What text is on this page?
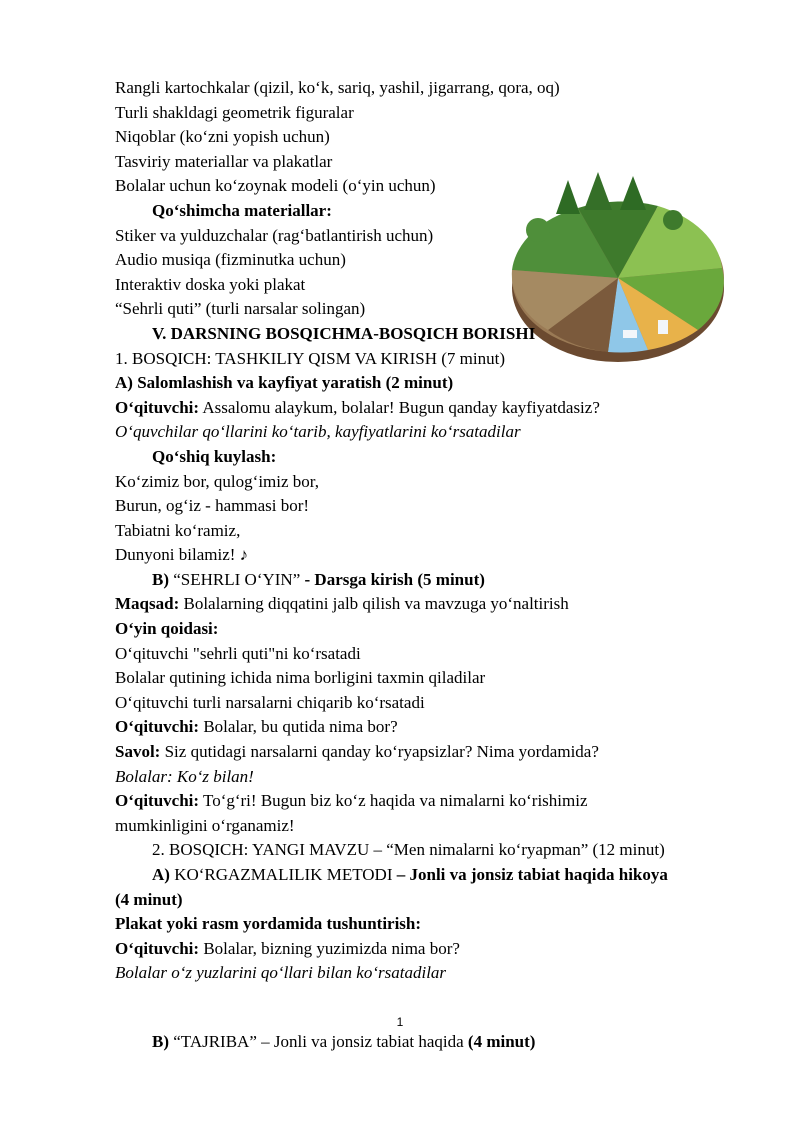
Rangli kartochkalar (qizil, ko‘k, sariq, yashil, jigarrang, qora, oq)
Turli shakldagi geometrik figuralar
Niqoblar (ko‘zni yopish uchun)
Tasviriy materiallar va plakatlar
Bolalar uchun ko‘zoynak modeli (o‘yin uchun)
Qo‘shimcha materiallar:
Stiker va yulduzchalar (rag‘batlantirish uchun)
Audio musiqa (fizminutka uchun)
Interaktiv doska yoki plakat
“Sehrli quti” (turli narsalar solingan)
V. DARSNING BOSQICHMA-BOSQICH BORISHI
1. BOSQICH: TASHKILIY QISM VA KIRISH (7 minut)
A) Salomlashish va kayfiyat yaratish (2 minut)
O‘qituvchi: Assalomu alaykum, bolalar! Bugun qanday kayfiyatdasiz?
O‘quvchilar qo‘llarini ko‘tarib, kayfiyatlarini ko‘rsatadilar
Qo‘shiq kuylash:
Ko‘zimiz bor, qulog‘imiz bor,
Burun, og‘iz - hammasi bor!
Tabiatni ko‘ramiz,
Dunyoni bilamiz! ♪
B) “SEHRLI O‘YIN” - Darsga kirish (5 minut)
Maqsad: Bolalarning diqqatini jalb qilish va mavzuga yo‘naltirish
O‘yin qoidasi:
O‘qituvchi "sehrli quti"ni ko‘rsatadi
Bolalar qutining ichida nima borligini taxmin qiladilar
O‘qituvchi turli narsalarni chiqarib ko‘rsatadi
O‘qituvchi: Bolalar, bu qutida nima bor?
Savol: Siz qutidagi narsalarni qanday ko‘ryapsizlar? Nima yordamida?
Bolalar: Ko‘z bilan!
O‘qituvchi: To‘g‘ri! Bugun biz ko‘z haqida va nimalarni ko‘rishimiz
mumkinligini o‘rganamiz!
2. BOSQICH: YANGI MAVZU – “Men nimalarni ko‘ryapman” (12 minut)
A) KO‘RGAZMALILIK METODI – Jonli va jonsiz tabiat haqida hikoya
(4 minut)
Plakat yoki rasm yordamida tushuntirish:
O‘qituvchi: Bolalar, bizning yuzimizda nima bor?
Bolalar o‘z yuzlarini qo‘llari bilan ko‘rsatadilar
B) “TAJRIBA” – Jonli va jonsiz tabiat haqida (4 minut)
1
